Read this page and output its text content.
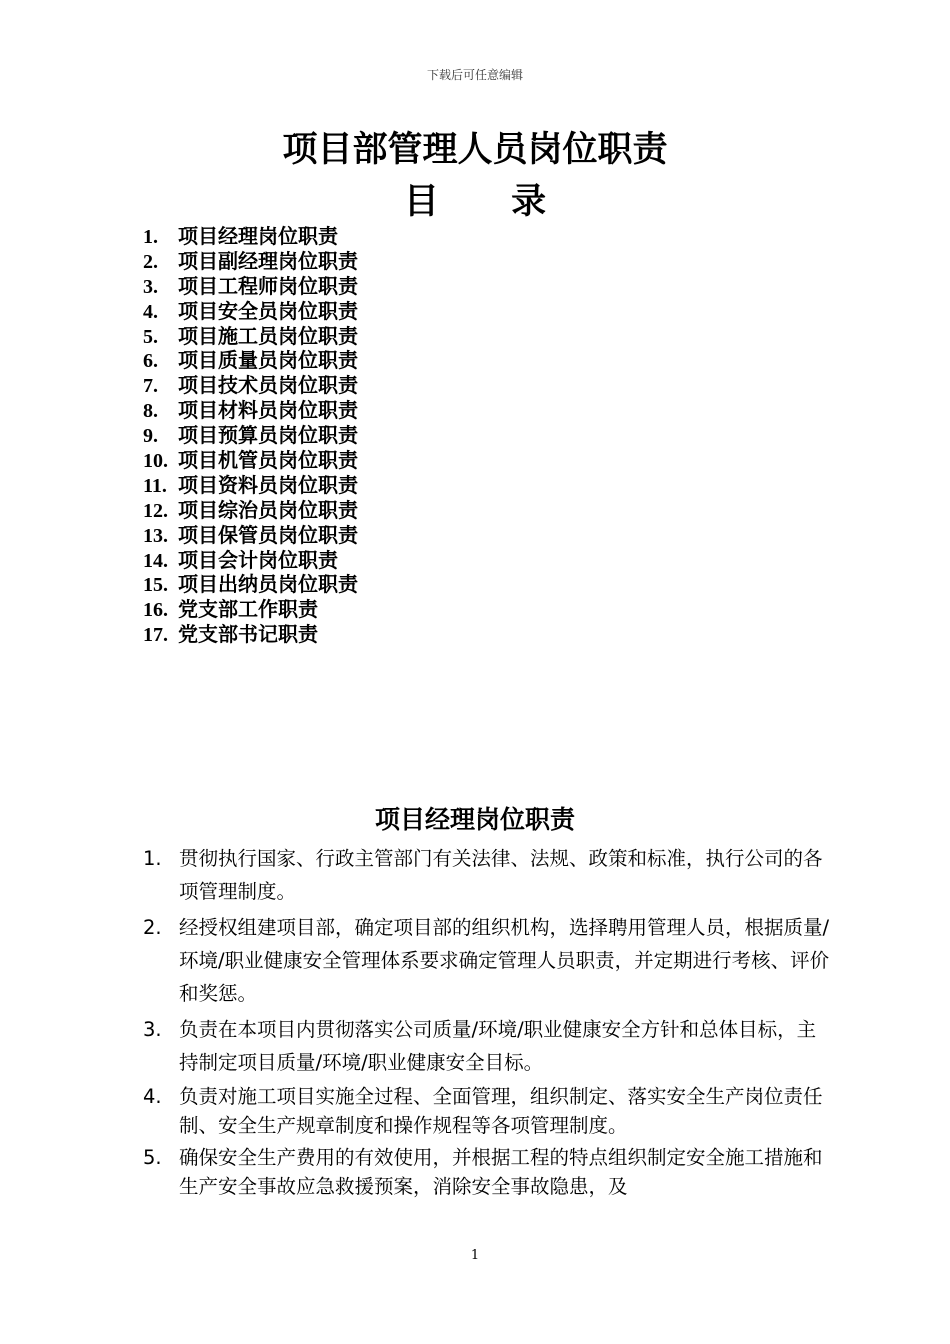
下载后可任意编辑
项目部管理人员岗位职责
目 录
1. 项目经理岗位职责
2. 项目副经理岗位职责
3. 项目工程师岗位职责
4. 项目安全员岗位职责
5. 项目施工员岗位职责
6. 项目质量员岗位职责
7. 项目技术员岗位职责
8. 项目材料员岗位职责
9. 项目预算员岗位职责
10. 项目机管员岗位职责
11. 项目资料员岗位职责
12. 项目综治员岗位职责
13. 项目保管员岗位职责
14. 项目会计岗位职责
15. 项目出纳员岗位职责
16. 党支部工作职责
17. 党支部书记职责
项目经理岗位职责
1. 贯彻执行国家、行政主管部门有关法律、法规、政策和标准，执行公司的各项管理制度。
2. 经授权组建项目部，确定项目部的组织机构，选择聘用管理人员，根据质量/环境/职业健康安全管理体系要求确定管理人员职责，并定期进行考核、评价和奖惩。
3. 负责在本项目内贯彻落实公司质量/环境/职业健康安全方针和总体目标，主持制定项目质量/环境/职业健康安全目标。
4. 负责对施工项目实施全过程、全面管理，组织制定、落实安全生产岗位责任制、安全生产规章制度和操作规程等各项管理制度。
5. 确保安全生产费用的有效使用，并根据工程的特点组织制定安全施工措施和生产安全事故应急救援预案，消除安全事故隐患，及
1
